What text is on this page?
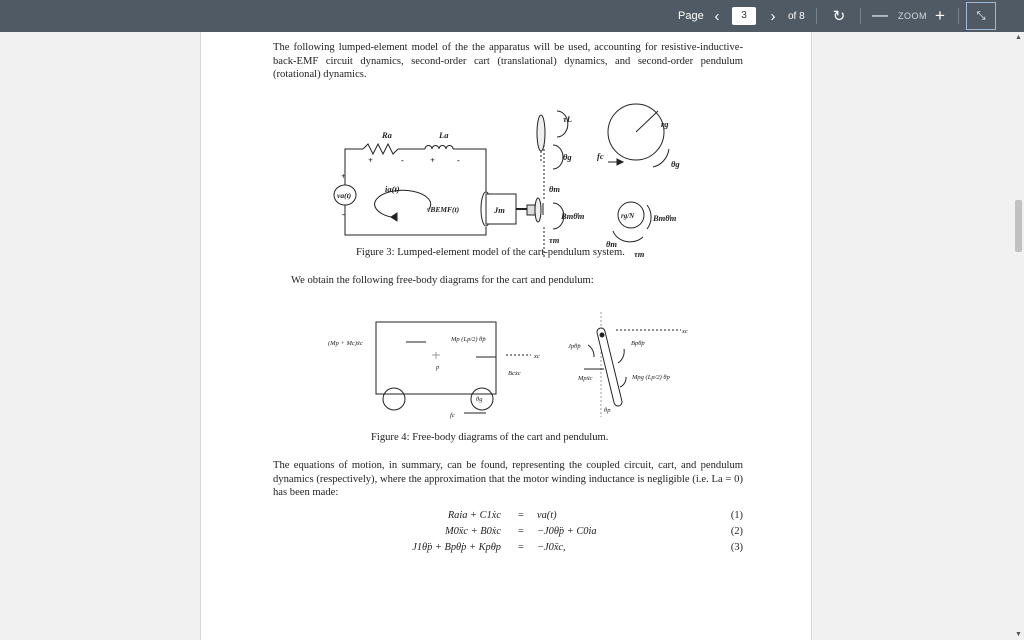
Page ‹	3	› of 8 ↻ — ZOOM +	⤡
▲
▼
The following lumped-element model of the the apparatus will be used, accounting for resistive-inductive-back-EMF circuit dynamics, second-order cart (translational) dynamics, and second-order pendulum (rotational) dynamics.
Ra	La
va(t)
ia(t)
vBEMF(t)	Jm
τL
θg
θm
Bmθ̇m
τm
rg
fc
θg
rg/N
θm
Bmθ̇m
τm
+	-	+	-
+
-
Figure 3: Lumped-element model of the cart-pendulum system.
We obtain the following free-body diagrams for the cart and pendulum:
(Mp + Mc)ẍc
Mp (Lp/2) θ̈p
xc
p
Bcẋc
θg
fc
xc
Jpθ̈p	Bpθ̇p
Mpẍc	Mpg (Lp/2) θp
θp
Figure 4: Free-body diagrams of the cart and pendulum.
The equations of motion, in summary, can be found, representing the coupled circuit, cart, and pendulum dynamics (respectively), where the approximation that the motor winding inductance is negligible (i.e. La = 0) has been made:
Raia + C1ẋc = va(t)	(1)
M0ẍc + B0ẋc = −J0θ̈p + C0ia	(2)
J1θ̈p + Bpθ̇p + Kpθp = −J0ẍc,	(3)
